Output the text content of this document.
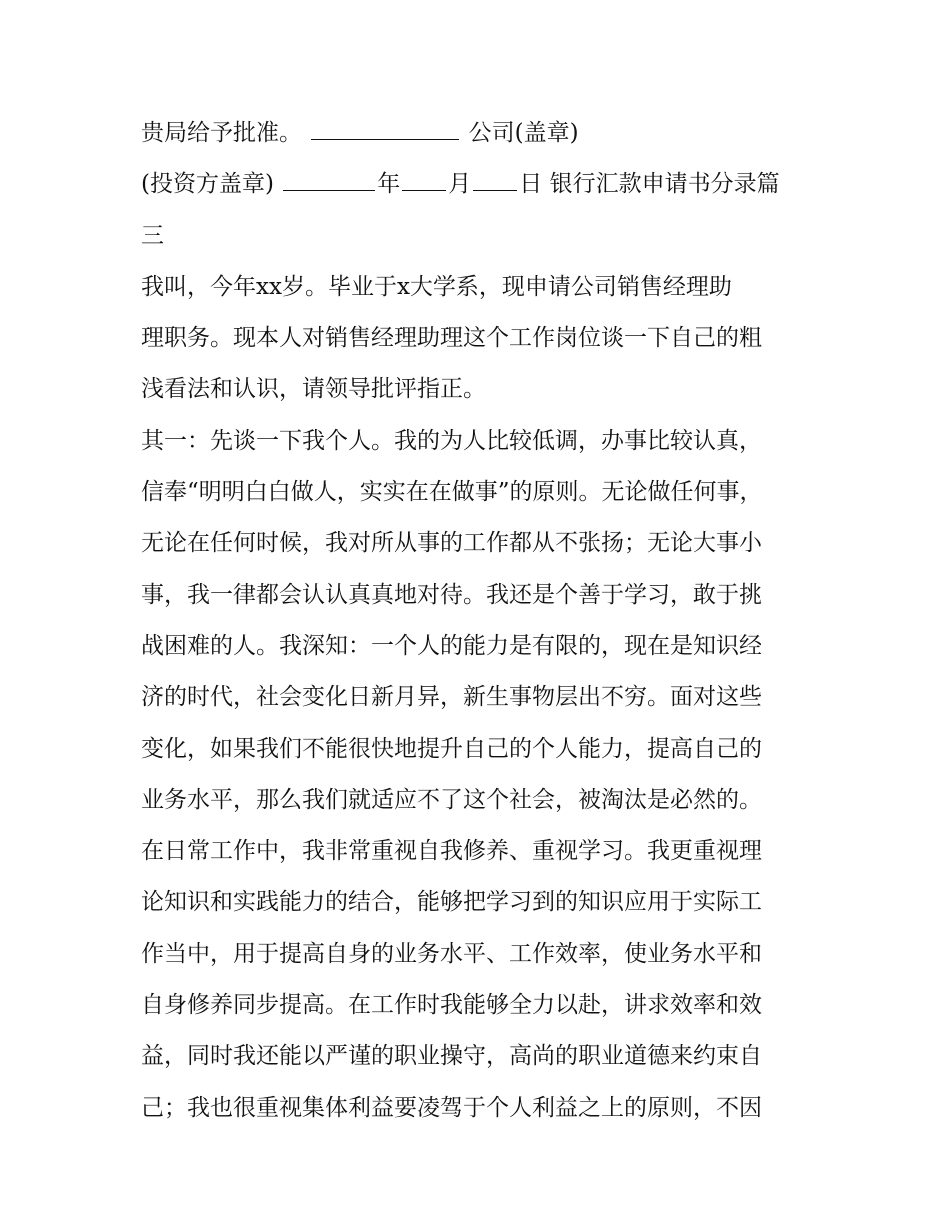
贵局给予批准。	公司(盖章)
(投资方盖章)	年 月 日 银行汇款申请书分录篇
三
我叫，今年xx岁。毕业于x大学系，现申请公司销售经理助
理职务。现本人对销售经理助理这个工作岗位谈一下自己的粗
浅看法和认识，请领导批评指正。
其一：先谈一下我个人。我的为人比较低调，办事比较认真，
信奉“明明白白做人，实实在在做事”的原则。无论做任何事，
无论在任何时候，我对所从事的工作都从不张扬；无论大事小
事，我一律都会认认真真地对待。我还是个善于学习，敢于挑
战困难的人。我深知：一个人的能力是有限的，现在是知识经
济的时代，社会变化日新月异，新生事物层出不穷。面对这些
变化，如果我们不能很快地提升自己的个人能力，提高自己的
业务水平，那么我们就适应不了这个社会，被淘汰是必然的。
在日常工作中，我非常重视自我修养、重视学习。我更重视理
论知识和实践能力的结合，能够把学习到的知识应用于实际工
作当中，用于提高自身的业务水平、工作效率，使业务水平和
自身修养同步提高。在工作时我能够全力以赴，讲求效率和效
益，同时我还能以严谨的职业操守，高尚的职业道德来约束自
己；我也很重视集体利益要凌驾于个人利益之上的原则，不因
